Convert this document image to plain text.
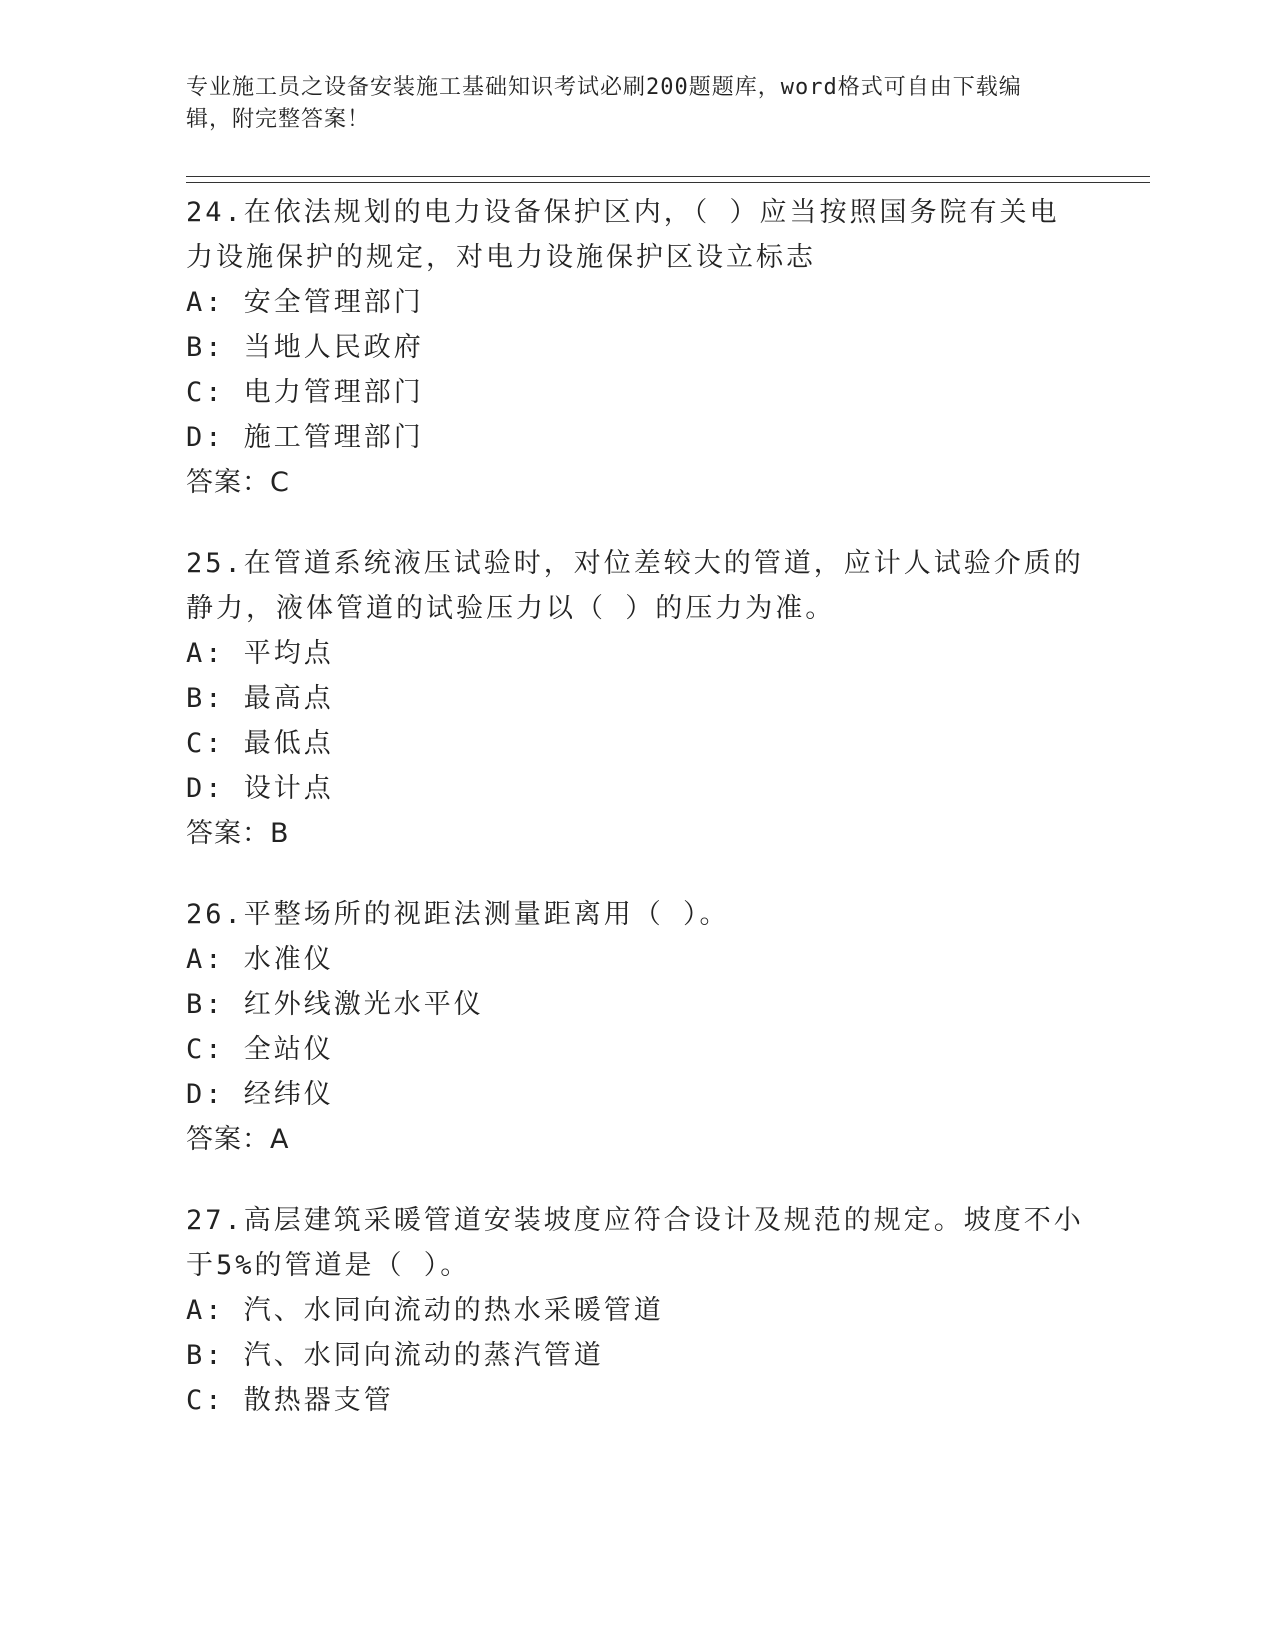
专业施工员之设备安装施工基础知识考试必刷200题题库，word格式可自由下载编辑，附完整答案！
24.在依法规划的电力设备保护区内，（ ）应当按照国务院有关电力设施保护的规定，对电力设施保护区设立标志
A: 安全管理部门
B: 当地人民政府
C: 电力管理部门
D: 施工管理部门
答案：C
25.在管道系统液压试验时，对位差较大的管道，应计人试验介质的静力，液体管道的试验压力以（ ）的压力为准。
A: 平均点
B: 最高点
C: 最低点
D: 设计点
答案：B
26.平整场所的视距法测量距离用（ ）。
A: 水准仪
B: 红外线激光水平仪
C: 全站仪
D: 经纬仪
答案：A
27.高层建筑采暖管道安装坡度应符合设计及规范的规定。坡度不小于5%的管道是（ ）。
A: 汽、水同向流动的热水采暖管道
B: 汽、水同向流动的蒸汽管道
C: 散热器支管
